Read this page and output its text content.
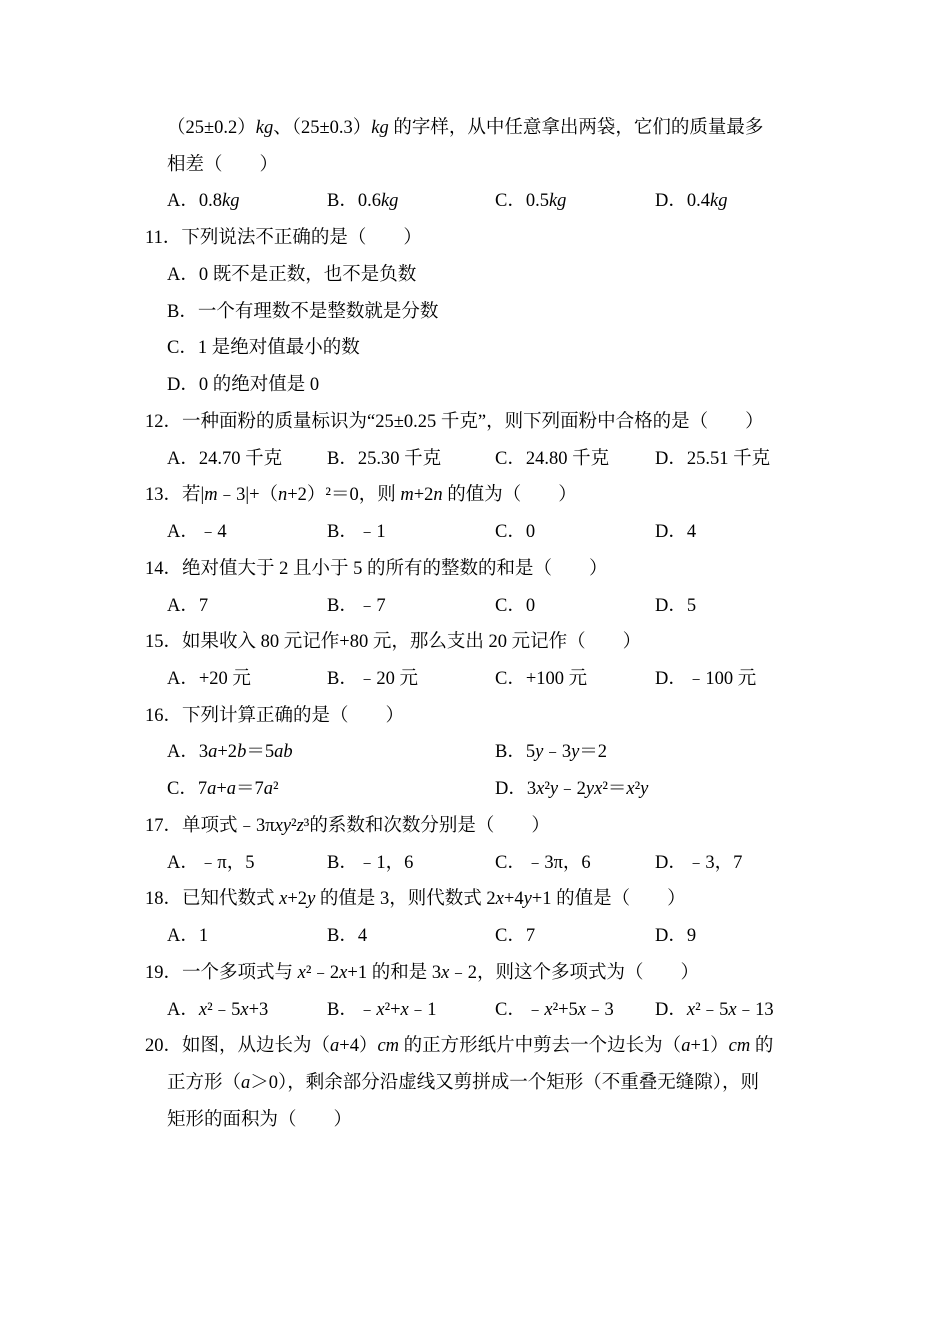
（25±0.2）kg、（25±0.3）kg 的字样，从中任意拿出两袋，它们的质量最多
相差（　　）
A．0.8kg	B．0.6kg	C．0.5kg	D．0.4kg
11．下列说法不正确的是（　　）
A．0 既不是正数，也不是负数
B．一个有理数不是整数就是分数
C．1 是绝对值最小的数
D．0 的绝对值是 0
12．一种面粉的质量标识为“25±0.25 千克”，则下列面粉中合格的是（　　）
A．24.70 千克 B．25.30 千克	C．24.80 千克 D．25.51 千克
13．若|m﹣3|+（n+2）²＝0，则 m+2n 的值为（　　）
A．﹣4	B．﹣1	C．0	D．4
14．绝对值大于 2 且小于 5 的所有的整数的和是（　　）
A．7	B．﹣7	C．0	D．5
15．如果收入 80 元记作+80 元，那么支出 20 元记作（　　）
A．+20 元	B．﹣20 元	C．+100 元	D．﹣100 元
16．下列计算正确的是（　　）
A．3a+2b＝5ab	B．5y﹣3y＝2
C．7a+a＝7a²	D．3x²y﹣2yx²＝x²y
17．单项式﹣3πxy²z³的系数和次数分别是（　　）
A．﹣π，5	B．﹣1，6	C．﹣3π，6	D．﹣3，7
18．已知代数式 x+2y 的值是 3，则代数式 2x+4y+1 的值是（　　）
A．1	B．4	C．7	D．9
19．一个多项式与 x²﹣2x+1 的和是 3x﹣2，则这个多项式为（　　）
A．x²﹣5x+3	B．﹣x²+x﹣1	C．﹣x²+5x﹣3 D．x²﹣5x﹣13
20．如图，从边长为（a+4）cm 的正方形纸片中剪去一个边长为（a+1）cm 的
正方形（a＞0），剩余部分沿虚线又剪拼成一个矩形（不重叠无缝隙），则
矩形的面积为（　　）
